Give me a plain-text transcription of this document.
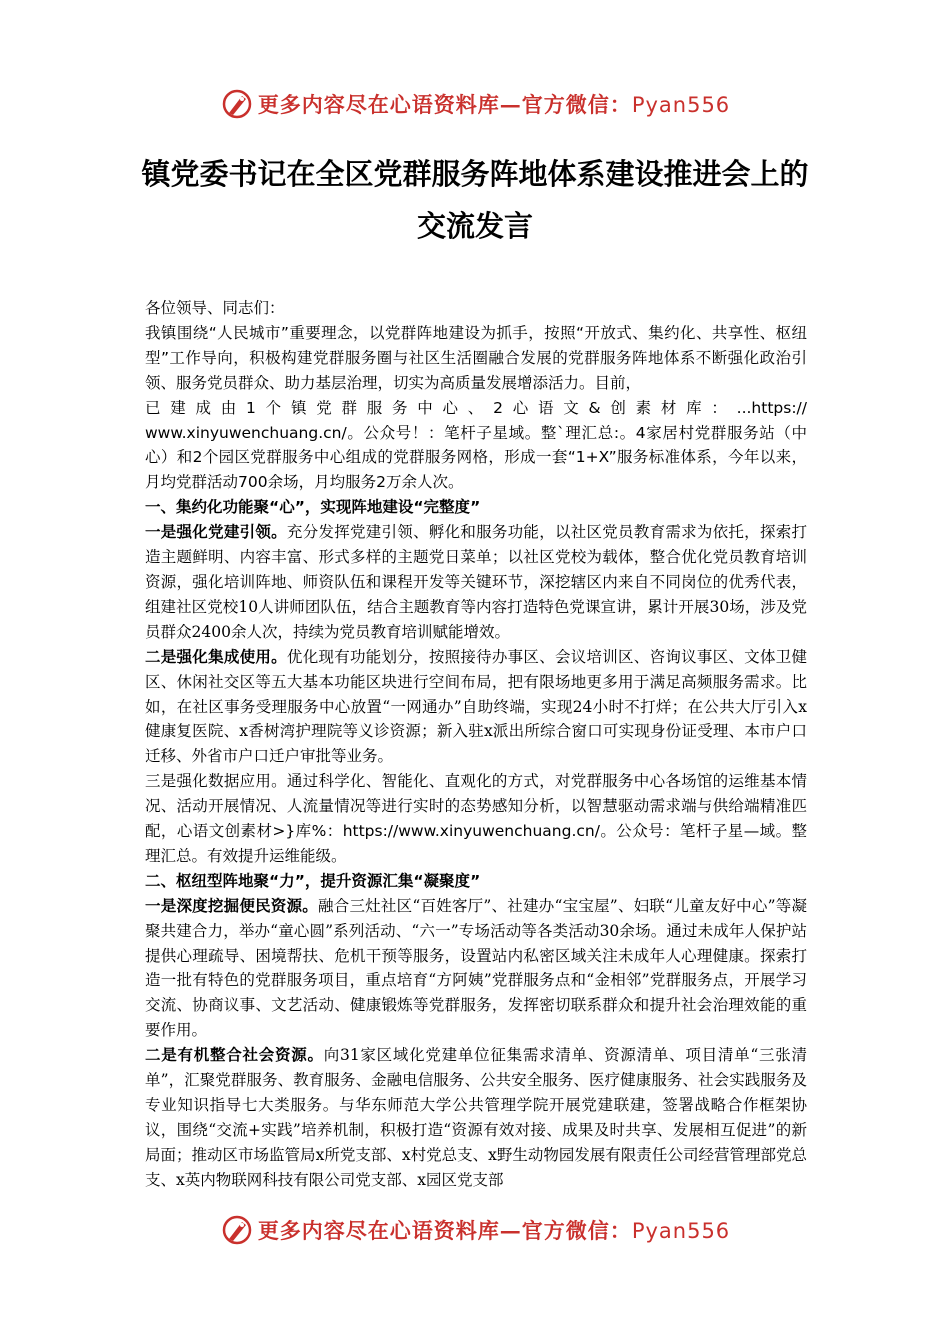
更多内容尽在心语资料库—官方微信：Pyan556
镇党委书记在全区党群服务阵地体系建设推进会上的
交流发言

各位领导、同志们：

我镇围绕“人民城市”重要理念，以党群阵地建设为抓手，按照“开放式、集约化、共享性、枢纽型”工作导向，积极构建党群服务圈与社区生活圈融合发展的党群服务阵地体系不断强化政治引领、服务党员群众、助力基层治理，切实为高质量发展增添活力。目前，

已建成由1个镇党群服务中心、2心语文&创素材库：...https://

www.xinyuwenchuang.cn/。公众号！：笔杆子星域。整`理汇总:。4家居村党群服务站（中心）和2个园区党群服务中心组成的党群服务网格，形成一套“1+X”服务标准体系，今年以来，月均党群活动700余场，月均服务2万余人次。

一、集约化功能聚“心”，实现阵地建设“完整度”

一是强化党建引领。充分发挥党建引领、孵化和服务功能，以社区党员教育需求为依托，探索打造主题鲜明、内容丰富、形式多样的主题党日菜单；以社区党校为载体，整合优化党员教育培训资源，强化培训阵地、师资队伍和课程开发等关键环节，深挖辖区内来自不同岗位的优秀代表，组建社区党校10人讲师团队伍，结合主题教育等内容打造特色党课宣讲，累计开展30场，涉及党员群众2400余人次，持续为党员教育培训赋能增效。

二是强化集成使用。优化现有功能划分，按照接待办事区、会议培训区、咨询议事区、文体卫健区、休闲社交区等五大基本功能区块进行空间布局，把有限场地更多用于满足高频服务需求。比如，在社区事务受理服务中心放置“一网通办”自助终端，实现24小时不打烊；在公共大厅引入x健康复医院、x香树湾护理院等义诊资源；新入驻x派出所综合窗口可实现身份证受理、本市户口迁移、外省市户口迁户审批等业务。

三是强化数据应用。通过科学化、智能化、直观化的方式，对党群服务中心各场馆的运维基本情况、活动开展情况、人流量情况等进行实时的态势感知分析，以智慧驱动需求端与供给端精准匹配，心语文创素材>}库%：https://www.xinyuwenchuang.cn/。公众号：笔杆子星—域。整理汇总。有效提升运维能级。

二、枢纽型阵地聚“力”，提升资源汇集“凝聚度”

一是深度挖掘便民资源。融合三灶社区“百姓客厅”、社建办“宝宝屋”、妇联“儿童友好中心”等凝聚共建合力，举办“童心圆”系列活动、“六一”专场活动等各类活动30余场。通过未成年人保护站提供心理疏导、困境帮扶、危机干预等服务，设置站内私密区域关注未成年人心理健康。探索打造一批有特色的党群服务项目，重点培育“方阿姨”党群服务点和“金相邻”党群服务点，开展学习交流、协商议事、文艺活动、健康锻炼等党群服务，发挥密切联系群众和提升社会治理效能的重要作用。

二是有机整合社会资源。向31家区域化党建单位征集需求清单、资源清单、项目清单“三张清单”，汇聚党群服务、教育服务、金融电信服务、公共安全服务、医疗健康服务、社会实践服务及专业知识指导七大类服务。与华东师范大学公共管理学院开展党建联建，签署战略合作框架协议，围绕“交流+实践”培养机制，积极打造“资源有效对接、成果及时共享、发展相互促进”的新局面；推动区市场监管局x所党支部、x村党总支、x野生动物园发展有限责任公司经营管理部党总支、x英内物联网科技有限公司党支部、x园区党支部

更多内容尽在心语资料库—官方微信：Pyan556
